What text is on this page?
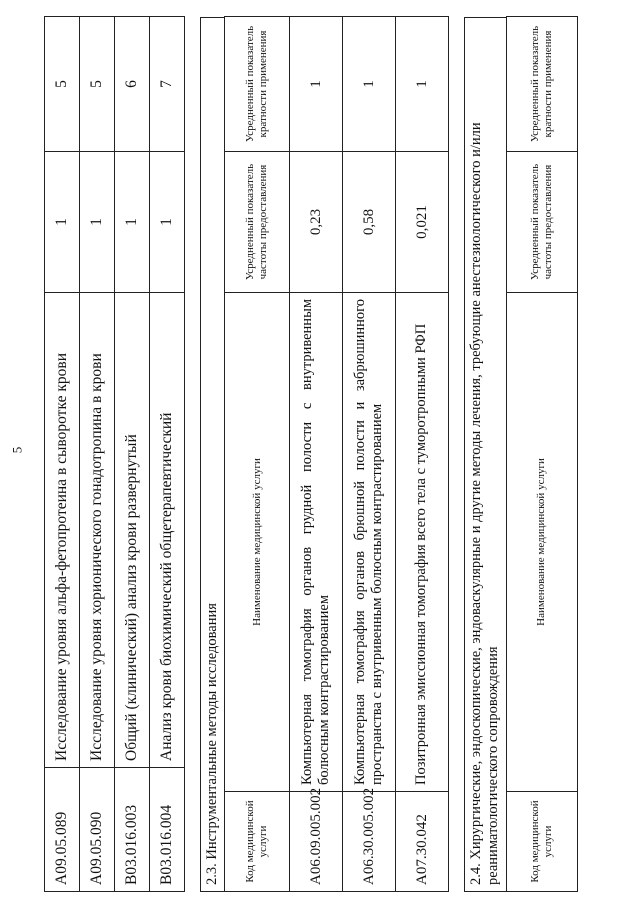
5
A09.05.089	Исследование уровня альфа-фетопротеина в сыворотке крови	1	5
A09.05.090	Исследование уровня хорионического гонадотропина в крови	1	5
B03.016.003	Общий (клинический) анализ крови развернутый	1	6
B03.016.004	Анализ крови биохимический общетерапевтический	1	7
2.3. Инструментальные методы исследования	Код медицинской услуги	Наименование медицинской услуги	Усредненный показатель частоты предоставления	Усредненный показатель кратности применения
A06.09.005.002	Компьютерная томография органов грудной полости с внутривенным болюсным контрастированием	0,23	1
A06.30.005.002	Компьютерная томография органов брюшной полости и забрюшинного пространства с внутривенным болюсным контрастированием	0,58	1
A07.30.042	Позитронная эмиссионная томография всего тела с туморотропными РФП	0,021	1
2.4. Хирургические, эндоскопические, эндоваскулярные и другие методы лечения, требующие анестезиологического и/или реаниматологического сопровождения	Код медицинской услуги	Наименование медицинской услуги	Усредненный показатель частоты предоставления	Усредненный показатель кратности применения
